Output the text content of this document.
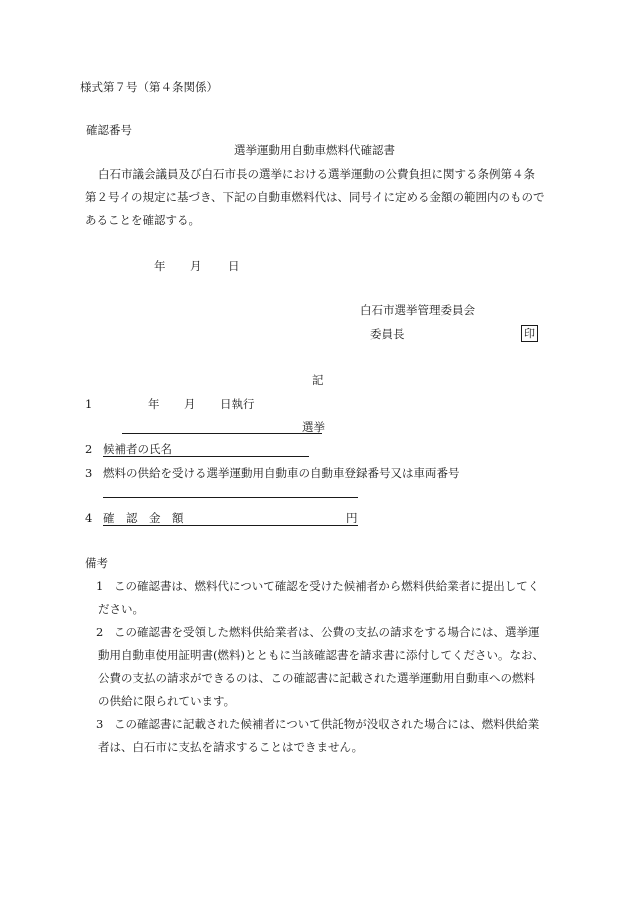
様式第７号（第４条関係）
確認番号
選挙運動用自動車燃料代確認書
白石市議会議員及び白石市長の選挙における選挙運動の公費負担に関する条例第４条
第２号イの規定に基づき、下記の自動車燃料代は、同号イに定める金額の範囲内のもので
あることを確認する。
年 月 日
白石市選挙管理委員会
委員長	印
記
1	年 月 日執行
選挙
2 候補者の氏名
3 燃料の供給を受ける選挙運動用自動車の自動車登録番号又は車両番号
4 確　認　金　額	円
備考
1 この確認書は、燃料代について確認を受けた候補者から燃料供給業者に提出してく
ださい。
2 この確認書を受領した燃料供給業者は、公費の支払の請求をする場合には、選挙運
動用自動車使用証明書(燃料)とともに当該確認書を請求書に添付してください。なお、
公費の支払の請求ができるのは、この確認書に記載された選挙運動用自動車への燃料
の供給に限られています。
3 この確認書に記載された候補者について供託物が没収された場合には、燃料供給業
者は、白石市に支払を請求することはできません。
